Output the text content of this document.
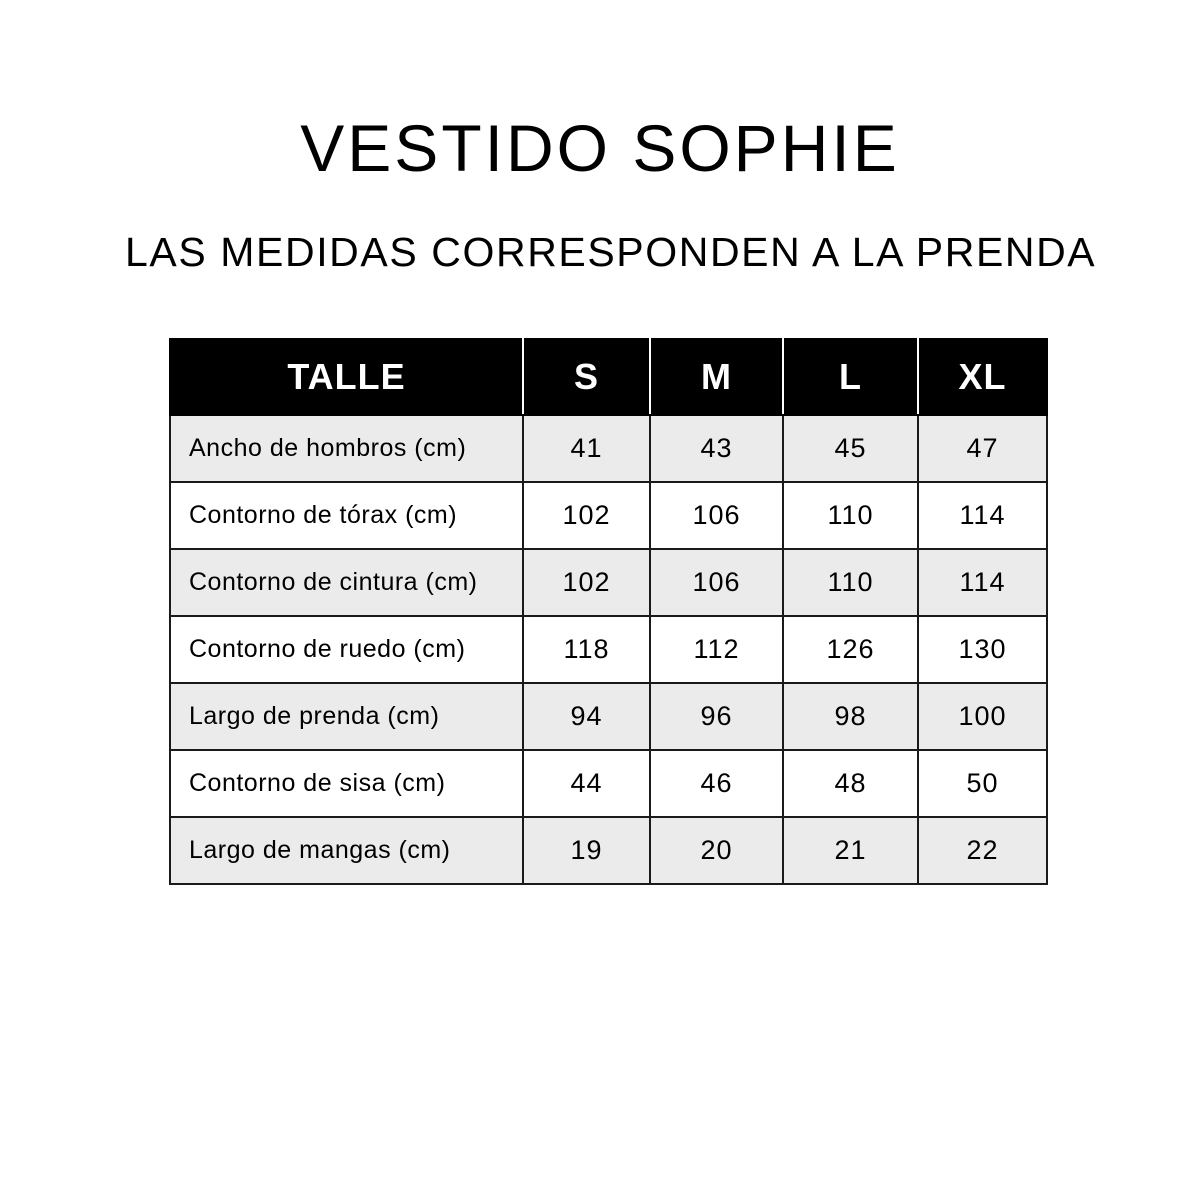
VESTIDO SOPHIE
LAS MEDIDAS CORRESPONDEN A LA PRENDA
TALLE	S	M	L	XL
Ancho de hombros (cm)	41	43	45	47
Contorno de tórax (cm)	102	106	110	114
Contorno de cintura (cm)	102	106	110	114
Contorno de ruedo (cm)	118	112	126	130
Largo de prenda (cm)	94	96	98	100
Contorno de sisa (cm)	44	46	48	50
Largo de mangas (cm)	19	20	21	22
